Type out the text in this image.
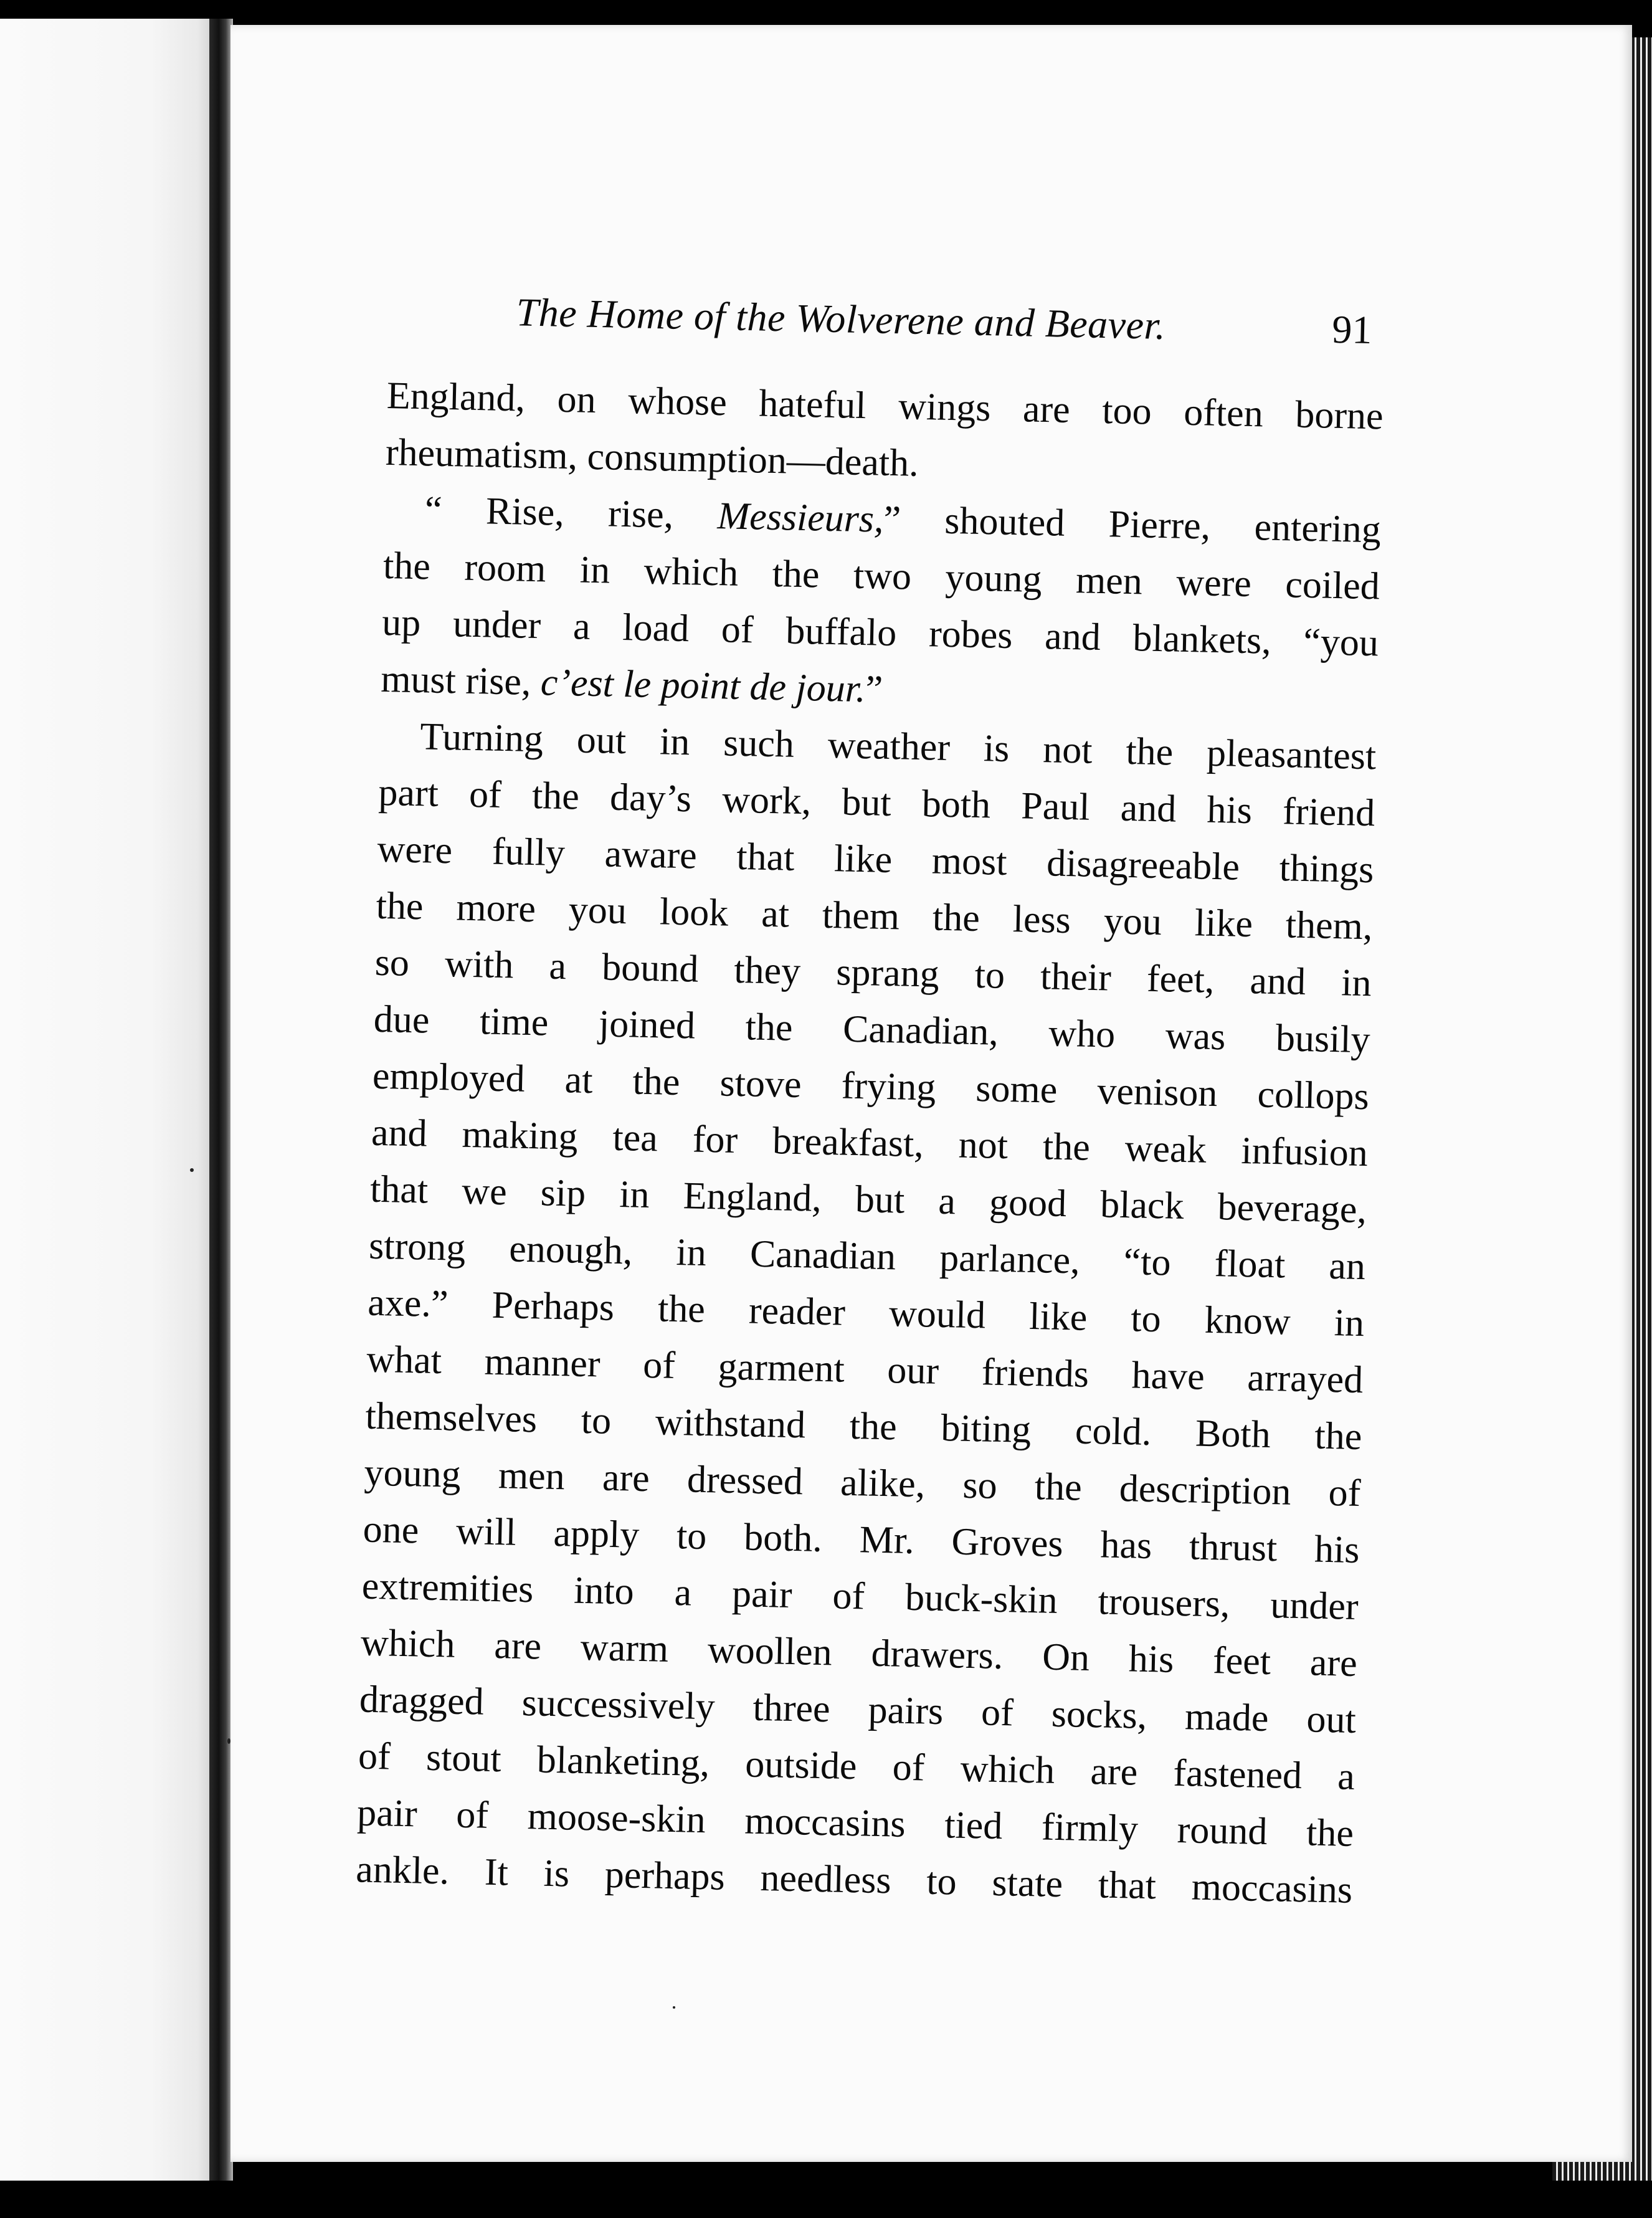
The Home of the Wolverene and Beaver.	91

England, on whose hateful wings are too often borne

rheumatism, consumption—death.

“ Rise, rise, Messieurs,” shouted Pierre, entering

the room in which the two young men were coiled

up under a load of buffalo robes and blankets, “you

must rise, c’est le point de jour.”

Turning out in such weather is not the pleasantest

part of the day’s work, but both Paul and his friend

were fully aware that like most disagreeable things

the more you look at them the less you like them,

so with a bound they sprang to their feet, and in

due time joined the Canadian, who was busily

employed at the stove frying some venison collops

and making tea for breakfast, not the weak infusion

that we sip in England, but a good black beverage,

strong enough, in Canadian parlance, “to float an

axe.” Perhaps the reader would like to know in

what manner of garment our friends have arrayed

themselves to withstand the biting cold. Both the

young men are dressed alike, so the description of

one will apply to both. Mr. Groves has thrust his

extremities into a pair of buck-skin trousers, under

which are warm woollen drawers. On his feet are

dragged successively three pairs of socks, made out

of stout blanketing, outside of which are fastened a

pair of moose-skin moccasins tied firmly round the

ankle. It is perhaps needless to state that moccasins
